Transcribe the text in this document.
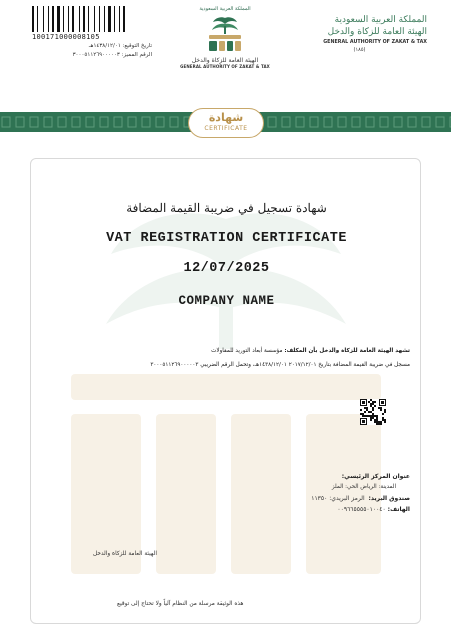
100171000008105
تاريخ التوقيع: ١٤٣٨/١٢/٠١هـ
الرقم المميز: ٣٠٠٠٥١١٢٦٩٠٠٠٠٠٣
المملكة العربية السعودية
الهيئة العامة للزكاة والدخل
GENERAL AUTHORITY OF ZAKAT & TAX
المملكة العربية السعودية
الهيئة العامة للزكاة والدخل
GENERAL AUTHORITY OF ZAKAT & TAX
(١٨٥)
شهادة
CERTIFICATE
شهادة تسجيل في ضريبة القيمة المضافة
VAT REGISTRATION CERTIFICATE
12/07/2025
COMPANY NAME
تشهد الهيئة العامة للزكاة والدخل بأن المكلف: مؤسسة أبعاد التوريد للمقاولات
مسجل في ضريبة القيمة المضافة بتاريخ ٢٠١٧/١٢/٠١ ١٤٣٨/١٢/٠١هـ، وتحمل الرقم الضريبي ٣٠٠٠٥١١٢٦٩٠٠٠٠٠٣
عنوان المركز الرئيسي:
المدينة: الرياض الحي: الملز
صندوق البريد:  الرمز البريدي: ١١٣٥٠
الهاتف: ٠٠٩٦٦٥٥٥٥٠١٠٠٤٠
الهيئة العامة للزكاة والدخل
هذه الوثيقة مرسلة من النظام آلياً ولا تحتاج إلى توقيع
